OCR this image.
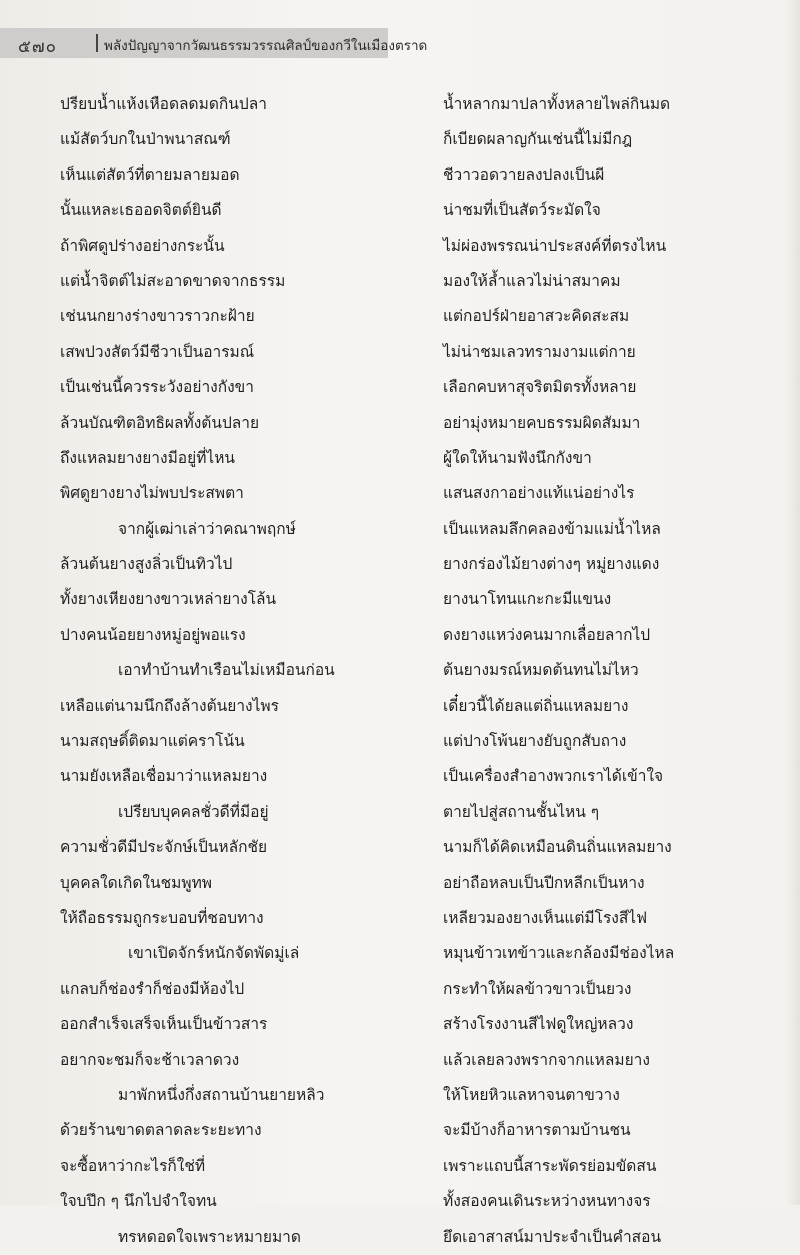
๕๗๐	พลังปัญญาจากวัฒนธรรมวรรณศิลป์ของกวีในเมืองตราด
ปรียบน้ำแห้งเหือดลดมดกินปลา
แม้สัตว์บกในป่าพนาสณฑ์
เห็นแต่สัตว์ที่ตายมลายมอด
นั้นแหละเธออดจิตต์ยินดี
ถ้าพิศดูปร่างอย่างกระนั้น
แต่น้ำจิตต์ไม่สะอาดขาดจากธรรม
เช่นนกยางร่างขาวราวกะฝ้าย
เสพปวงสัตว์มีชีวาเป็นอารมณ์
เป็นเช่นนี้ควรระวังอย่างกังขา
ล้วนบัณฑิตอิทธิผลทั้งต้นปลาย
ถึงแหลมยางยางมีอยู่ที่ไหน
พิศดูยางยางไม่พบประสพตา
จากผู้เฒ่าเล่าว่าคณาพฤกษ์
ล้วนต้นยางสูงลิ่วเป็นทิวไป
ทั้งยางเหียงยางขาวเหล่ายางโล้น
ปางคนน้อยยางหมู่อยู่พอแรง
เอาทำบ้านทำเรือนไม่เหมือนก่อน
เหลือแต่นามนึกถึงล้างต้นยางไพร
นามสฤษดิ์ติดมาแต่คราโน้น
นามยังเหลือเชื่อมาว่าแหลมยาง
เปรียบบุคคลชั่วดีที่มีอยู่
ความชั่วดีมีประจักษ์เป็นหลักชัย
บุคคลใดเกิดในชมพูทพ
ให้ถือธรรมถูกระบอบที่ชอบทาง
เขาเปิดจักร์หนักจัดพัดมู่เล่
แกลบก็ช่องรำก็ช่องมีห้องไป
ออกสำเร็จเสร็จเห็นเป็นข้าวสาร
อยากจะชมก็จะช้าเวลาดวง
มาพักหนึ่งกึ่งสถานบ้านยายหลิว
ด้วยร้านขาดตลาดละระยะทาง
จะซื้อหาว่ากะไรก็ใช่ที่
ใจบปึก ๆ นึกไปจำใจทน
ทรหดอดใจเพราะหมายมาด
น้ำหลากมาปลาทั้งหลายไพล่กินมด
ก็เบียดผลาญกันเช่นนี้ไม่มีกฎ
ชีวาวอดวายลงปลงเป็นผี
น่าชมที่เป็นสัตว์ระมัดใจ
ไม่ผ่องพรรณน่าประสงค์ที่ตรงไหน
มองให้ล้ำแลวไม่น่าสมาคม
แต่กอปร์ฝ่ายอาสวะคิดสะสม
ไม่น่าชมเลวทรามงามแต่กาย
เลือกคบหาสุจริตมิตรทั้งหลาย
อย่ามุ่งหมายคบธรรมผิดสัมมา
ผู้ใดให้นามฟังนึกกังขา
แสนสงกาอย่างแท้แน่อย่างไร
เป็นแหลมลึกคลองข้ามแม่น้ำไหล
ยางกร่องไม้ยางต่างๆ หมู่ยางแดง
ยางนาโทนแกะกะมีแขนง
ดงยางแหว่งคนมากเลื่อยลากไป
ต้นยางมรณ์หมดต้นทนไม่ไหว
เดี๋ยวนี้ได้ยลแต่ถิ่นแหลมยาง
แต่ปางโพ้นยางยับถูกสับถาง
เป็นเครื่องสำอางพวกเราได้เข้าใจ
ตายไปสู่สถานชั้นไหน ๆ
นามก็ได้คิดเหมือนดินถิ่นแหลมยาง
อย่าถือหลบเป็นปีกหลีกเป็นหาง
เหลียวมองยางเห็นแต่มีโรงสีไฟ
หมุนข้าวเทข้าวและกล้องมีช่องไหล
กระทำให้ผลข้าวขาวเป็นยวง
สร้างโรงงานสีไฟดูใหญ่หลวง
แล้วเลยลวงพรากจากแหลมยาง
ให้โหยหิวแลหาจนตาขวาง
จะมีบ้างก็อาหารตามบ้านชน
เพราะแถบนี้สาระพัดรย่อมขัดสน
ทั้งสองคนเดินระหว่างหนทางจร
ยึดเอาสาสน์มาประจำเป็นคำสอน
